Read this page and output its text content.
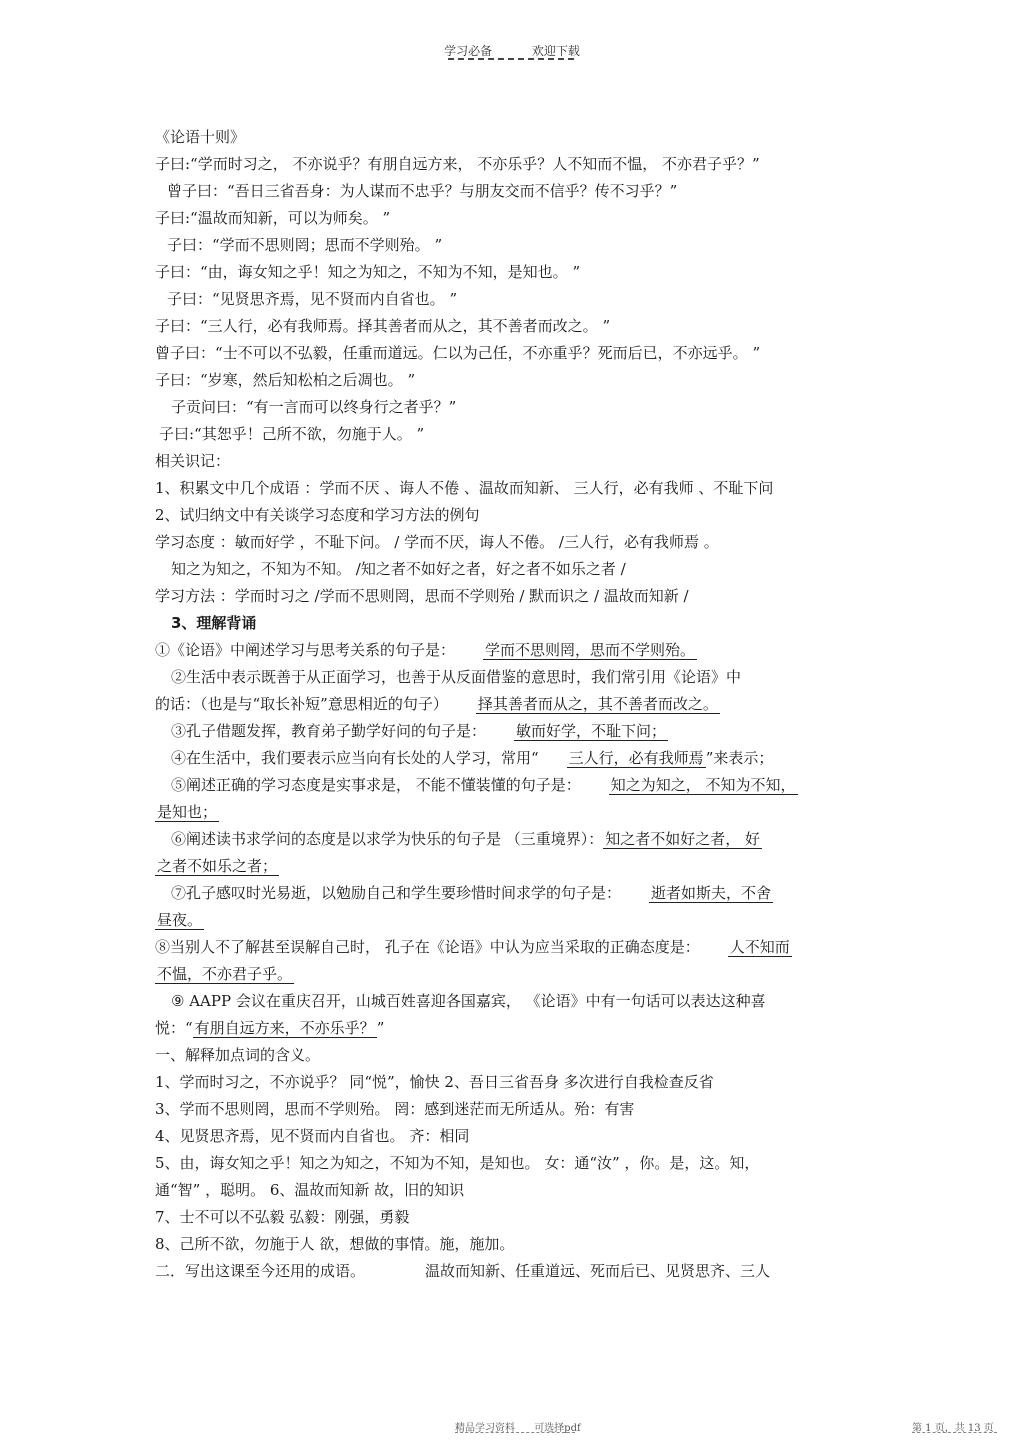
学习必备	欢迎下载
《论语十则》
子曰:“学而时习之， 不亦说乎？有朋自远方来， 不亦乐乎？人不知而不愠， 不亦君子乎？”
曾子曰：“吾日三省吾身：为人谋而不忠乎？与朋友交而不信乎？传不习乎？”
子曰:“温故而知新，可以为师矣。 ”
子曰：“学而不思则罔；思而不学则殆。 ”
子曰：“由，诲女知之乎！知之为知之，不知为不知，是知也。 ”
子曰：“见贤思齐焉，见不贤而内自省也。 ”
子曰：“三人行，必有我师焉。择其善者而从之，其不善者而改之。 ”
曾子曰：“士不可以不弘毅，任重而道远。仁以为己任，不亦重乎？死而后已，不亦远乎。 ”
子曰：“岁寒，然后知松柏之后凋也。 ”
子贡问曰：“有一言而可以终身行之者乎？”
子曰:“其恕乎！己所不欲，勿施于人。 ”
相关识记：
1、积累文中几个成语 ：学而不厌 、诲人不倦 、温故而知新、 三人行，必有我师 、不耻下问
2、试归纳文中有关谈学习态度和学习方法的例句
学习态度 ：敏而好学 ，不耻下问。 / 学而不厌，诲人不倦。 /三人行，必有我师焉 。
知之为知之，不知为不知。 /知之者不如好之者，好之者不如乐之者 /
学习方法 ：学而时习之 /学而不思则罔，思而不学则殆 / 默而识之 / 温故而知新 /
3、理解背诵
①《论语》中阐述学习与思考关系的句子是： 学而不思则罔，思而不学则殆。
②生活中表示既善于从正面学习，也善于从反面借鉴的意思时，我们常引用《论语》中
的话：（也是与“取长补短”意思相近的句子） 择其善者而从之，其不善者而改之。
③孔子借题发挥，教育弟子勤学好问的句子是： 敏而好学，不耻下问；
④在生活中，我们要表示应当向有长处的人学习，常用“ 三人行，必有我师焉 ”来表示；
⑤阐述正确的学习态度是实事求是， 不能不懂装懂的句子是： 知之为知之， 不知为不知，
是知也；
⑥阐述读书求学问的态度是以求学为快乐的句子是 （三重境界）： 知之者不如好之者， 好
之者不如乐之者；
⑦孔子感叹时光易逝，以勉励自己和学生要珍惜时间求学的句子是： 逝者如斯夫，不舍
昼夜。
⑧当别人不了解甚至误解自己时， 孔子在《论语》中认为应当采取的正确态度是： 人不知而
不愠，不亦君子乎。
⑨ AAPP 会议在重庆召开，山城百姓喜迎各国嘉宾， 《论语》中有一句话可以表达这种喜
悦：“ 有朋自远方来，不亦乐乎？ ”
一、解释加点词的含义。
1、学而时习之，不亦说乎？ 同“悦”，愉快 2、吾日三省吾身 多次进行自我检查反省
3、学而不思则罔，思而不学则殆。 罔：感到迷茫而无所适从。殆：有害
4、见贤思齐焉，见不贤而内自省也。 齐：相同
5、由，诲女知之乎！知之为知之，不知为不知，是知也。 女：通“汝” ，你。是，这。知，
通“智” ，聪明。 6、温故而知新 故，旧的知识
7、士不可以不弘毅 弘毅：刚强，勇毅
8、己所不欲，勿施于人 欲，想做的事情。施，施加。
二．写出这课至今还用的成语。	温故而知新、任重道远、死而后已、见贤思齐、三人
精品学习资料 可选择pdf	第 1 页，共 13 页
